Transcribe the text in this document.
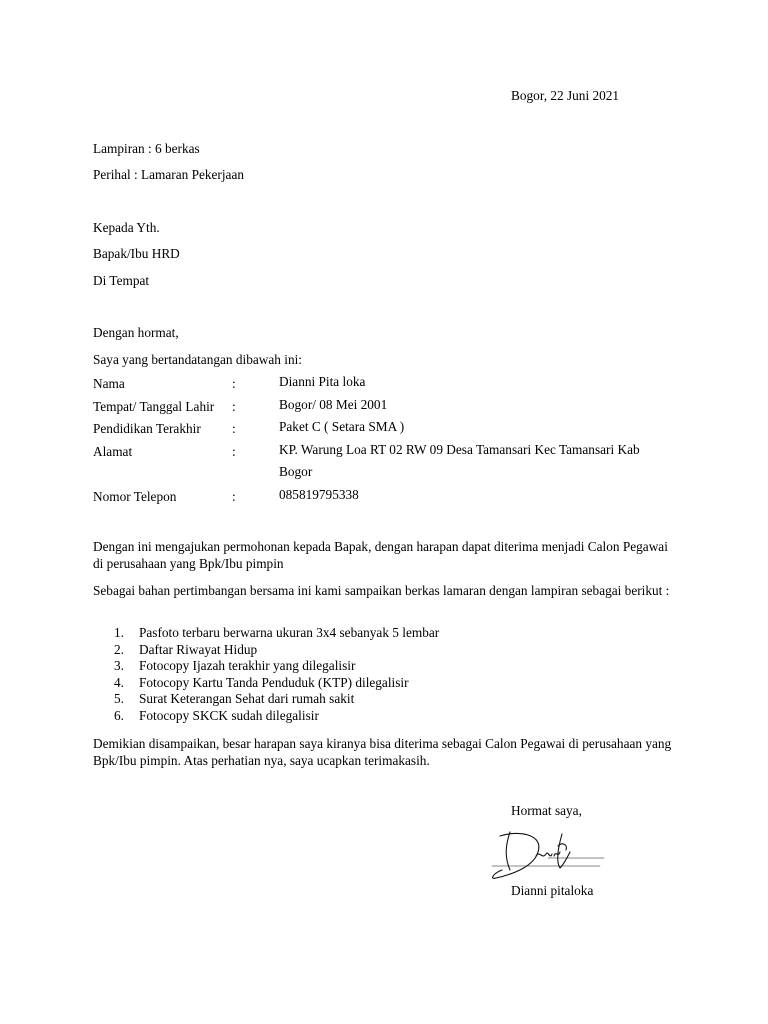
Bogor, 22 Juni 2021
Lampiran : 6 berkas
Perihal : Lamaran Pekerjaan
Kepada Yth.
Bapak/Ibu HRD
Di Tempat
Dengan hormat,
Saya yang bertandatangan dibawah ini:
Nama	:	Dianni Pita loka
Tempat/ Tanggal Lahir :	Bogor/ 08 Mei 2001
Pendidikan Terakhir :	Paket C ( Setara SMA )
Alamat	:	KP. Warung Loa RT 02 RW 09 Desa Tamansari Kec Tamansari Kab Bogor
Nomor Telepon	:	085819795338
Dengan ini mengajukan permohonan kepada Bapak, dengan harapan dapat diterima menjadi Calon Pegawai di perusahaan yang Bpk/Ibu pimpin
Sebagai bahan pertimbangan bersama ini kami sampaikan berkas lamaran dengan lampiran sebagai berikut :
1. Pasfoto terbaru berwarna ukuran 3x4 sebanyak 5 lembar
2. Daftar Riwayat Hidup
3. Fotocopy Ijazah terakhir yang dilegalisir
4. Fotocopy Kartu Tanda Penduduk (KTP) dilegalisir
5. Surat Keterangan Sehat dari rumah sakit
6. Fotocopy SKCK sudah dilegalisir
Demikian disampaikan, besar harapan saya kiranya bisa diterima sebagai Calon Pegawai di perusahaan yang Bpk/Ibu pimpin. Atas perhatian nya, saya ucapkan terimakasih.
Hormat saya,
Dianni pitaloka
